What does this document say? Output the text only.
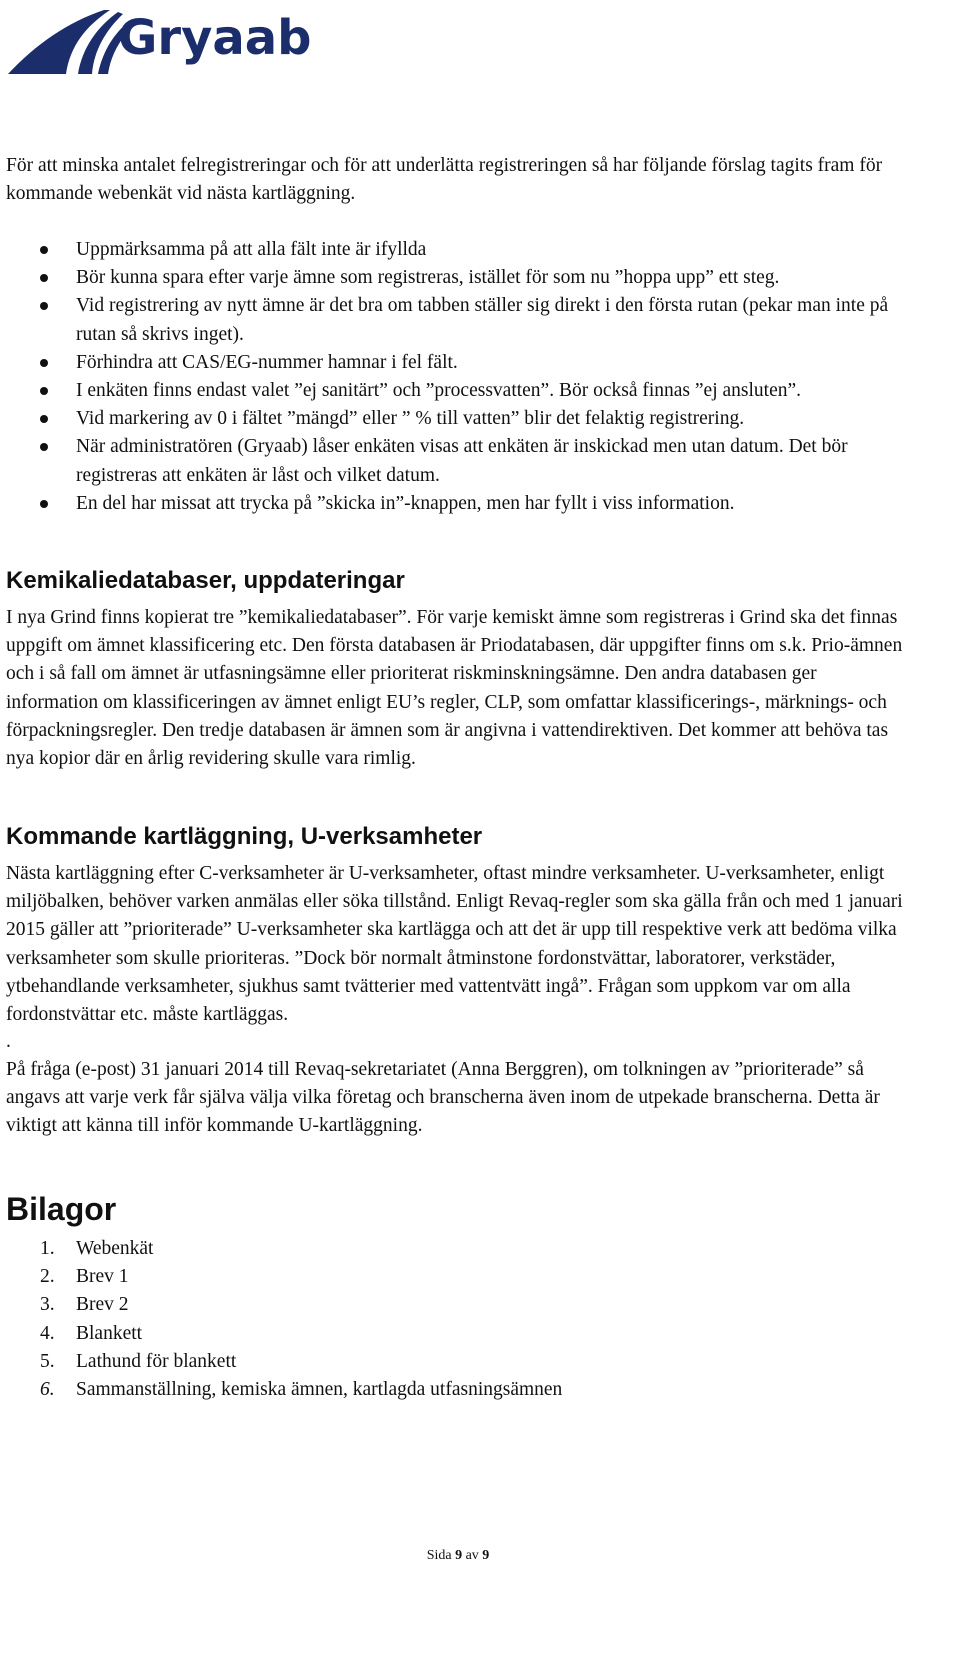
Gryaab

För att minska antalet felregistreringar och för att underlätta registreringen så har följande förslag tagits fram för kommande webenkät vid nästa kartläggning.

Uppmärksamma på att alla fält inte är ifyllda
Bör kunna spara efter varje ämne som registreras, istället för som nu ”hoppa upp” ett steg.
Vid registrering av nytt ämne är det bra om tabben ställer sig direkt i den första rutan (pekar man inte på rutan så skrivs inget).
Förhindra att CAS/EG-nummer hamnar i fel fält.
I enkäten finns endast valet ”ej sanitärt” och ”processvatten”. Bör också finnas ”ej ansluten”.
Vid markering av 0 i fältet ”mängd” eller ” % till vatten” blir det felaktig registrering.
När administratören (Gryaab) låser enkäten visas att enkäten är inskickad men utan datum. Det bör registreras att enkäten är låst och vilket datum.
En del har missat att trycka på ”skicka in”-knappen, men har fyllt i viss information.
Kemikaliedatabaser, uppdateringar

I nya Grind finns kopierat tre ”kemikaliedatabaser”. För varje kemiskt ämne som registreras i Grind ska det finnas uppgift om ämnet klassificering etc. Den första databasen är Priodatabasen, där uppgifter finns om s.k. Prio-ämnen och i så fall om ämnet är utfasningsämne eller prioriterat riskminskningsämne. Den andra databasen ger information om klassificeringen av ämnet enligt EU’s regler, CLP, som omfattar klassificerings-, märknings- och förpackningsregler. Den tredje databasen är ämnen som är angivna i vattendirektiven. Det kommer att behöva tas nya kopior där en årlig revidering skulle vara rimlig.

Kommande kartläggning, U-verksamheter

Nästa kartläggning efter C-verksamheter är U-verksamheter, oftast mindre verksamheter. U-verksamheter, enligt miljöbalken, behöver varken anmälas eller söka tillstånd. Enligt Revaq-regler som ska gälla från och med 1 januari 2015 gäller att ”prioriterade” U-verksamheter ska kartlägga och att det är upp till respektive verk att bedöma vilka verksamheter som skulle prioriteras. ”Dock bör normalt åtminstone fordonstvättar, laboratorer, verkstäder, ytbehandlande verksamheter, sjukhus samt tvätterier med vattentvätt ingå”. Frågan som uppkom var om alla fordonstvättar etc. måste kartläggas.

.

På fråga (e-post) 31 januari 2014 till Revaq-sekretariatet (Anna Berggren), om tolkningen av ”prioriterade” så angavs att varje verk får själva välja vilka företag och branscherna även inom de utpekade branscherna. Detta är viktigt att känna till inför kommande U-kartläggning.

Bilagor
1. Webenkät
2. Brev 1
3. Brev 2
4. Blankett
5. Lathund för blankett
6. Sammanställning, kemiska ämnen, kartlagda utfasningsämnen
Sida 9 av 9
